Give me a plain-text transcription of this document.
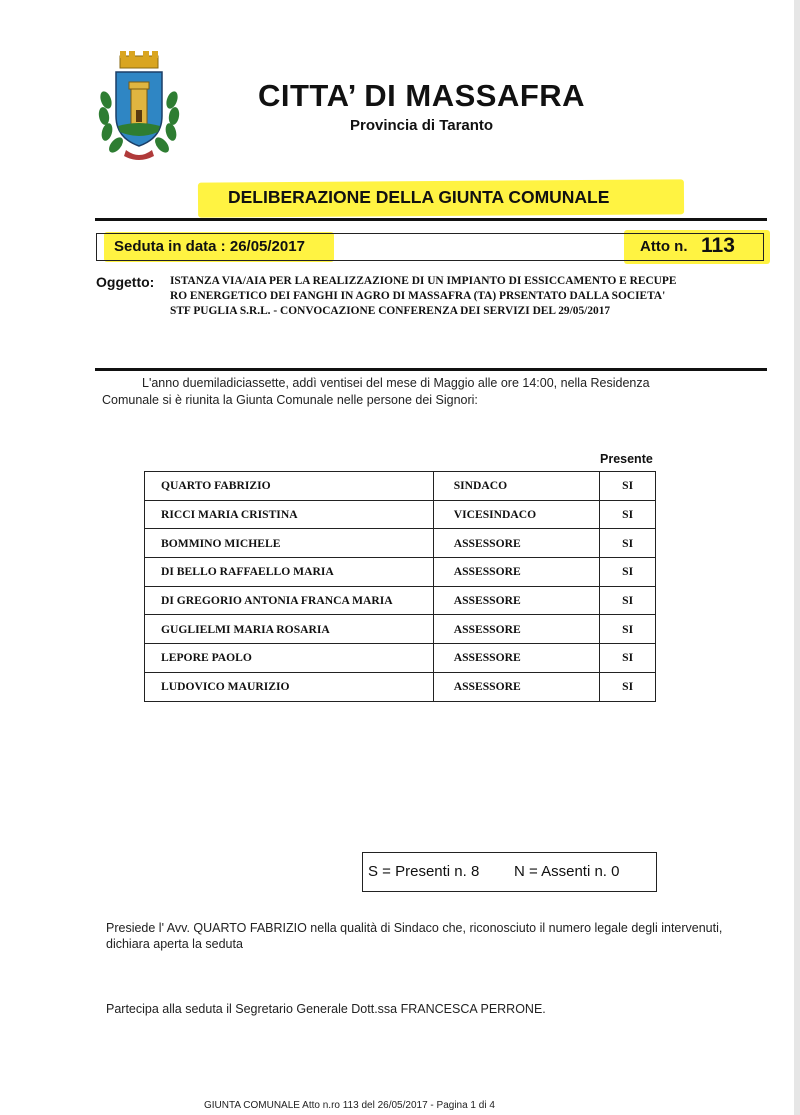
CITTA’ DI MASSAFRA
Provincia di Taranto
DELIBERAZIONE DELLA GIUNTA COMUNALE
Seduta in data : 26/05/2017	Atto n. 113
Oggetto: ISTANZA VIA/AIA PER LA REALIZZAZIONE DI UN IMPIANTO DI ESSICCAMENTO E RECUPE
RO ENERGETICO DEI FANGHI IN AGRO DI MASSAFRA (TA) PRSENTATO DALLA SOCIETA'
STF PUGLIA S.R.L. - CONVOCAZIONE CONFERENZA DEI SERVIZI DEL 29/05/2017
L'anno duemiladiciassette, addì ventisei del mese di Maggio alle ore 14:00, nella Residenza
Comunale si è riunita la Giunta Comunale nelle persone dei Signori:
Presente
QUARTO FABRIZIO	SINDACO	SI
RICCI MARIA CRISTINA	VICESINDACO	SI
BOMMINO MICHELE	ASSESSORE	SI
DI BELLO RAFFAELLO MARIA	ASSESSORE	SI
DI GREGORIO ANTONIA FRANCA MARIA	ASSESSORE	SI
GUGLIELMI MARIA ROSARIA	ASSESSORE	SI
LEPORE PAOLO	ASSESSORE	SI
LUDOVICO MAURIZIO	ASSESSORE	SI
S = Presenti n. 8 N = Assenti n. 0
Presiede l' Avv. QUARTO FABRIZIO nella qualità di Sindaco che, riconosciuto il numero legale degli intervenuti,
dichiara aperta la seduta
Partecipa alla seduta il Segretario Generale Dott.ssa FRANCESCA PERRONE.
GIUNTA COMUNALE Atto n.ro 113 del 26/05/2017 - Pagina 1 di 4
